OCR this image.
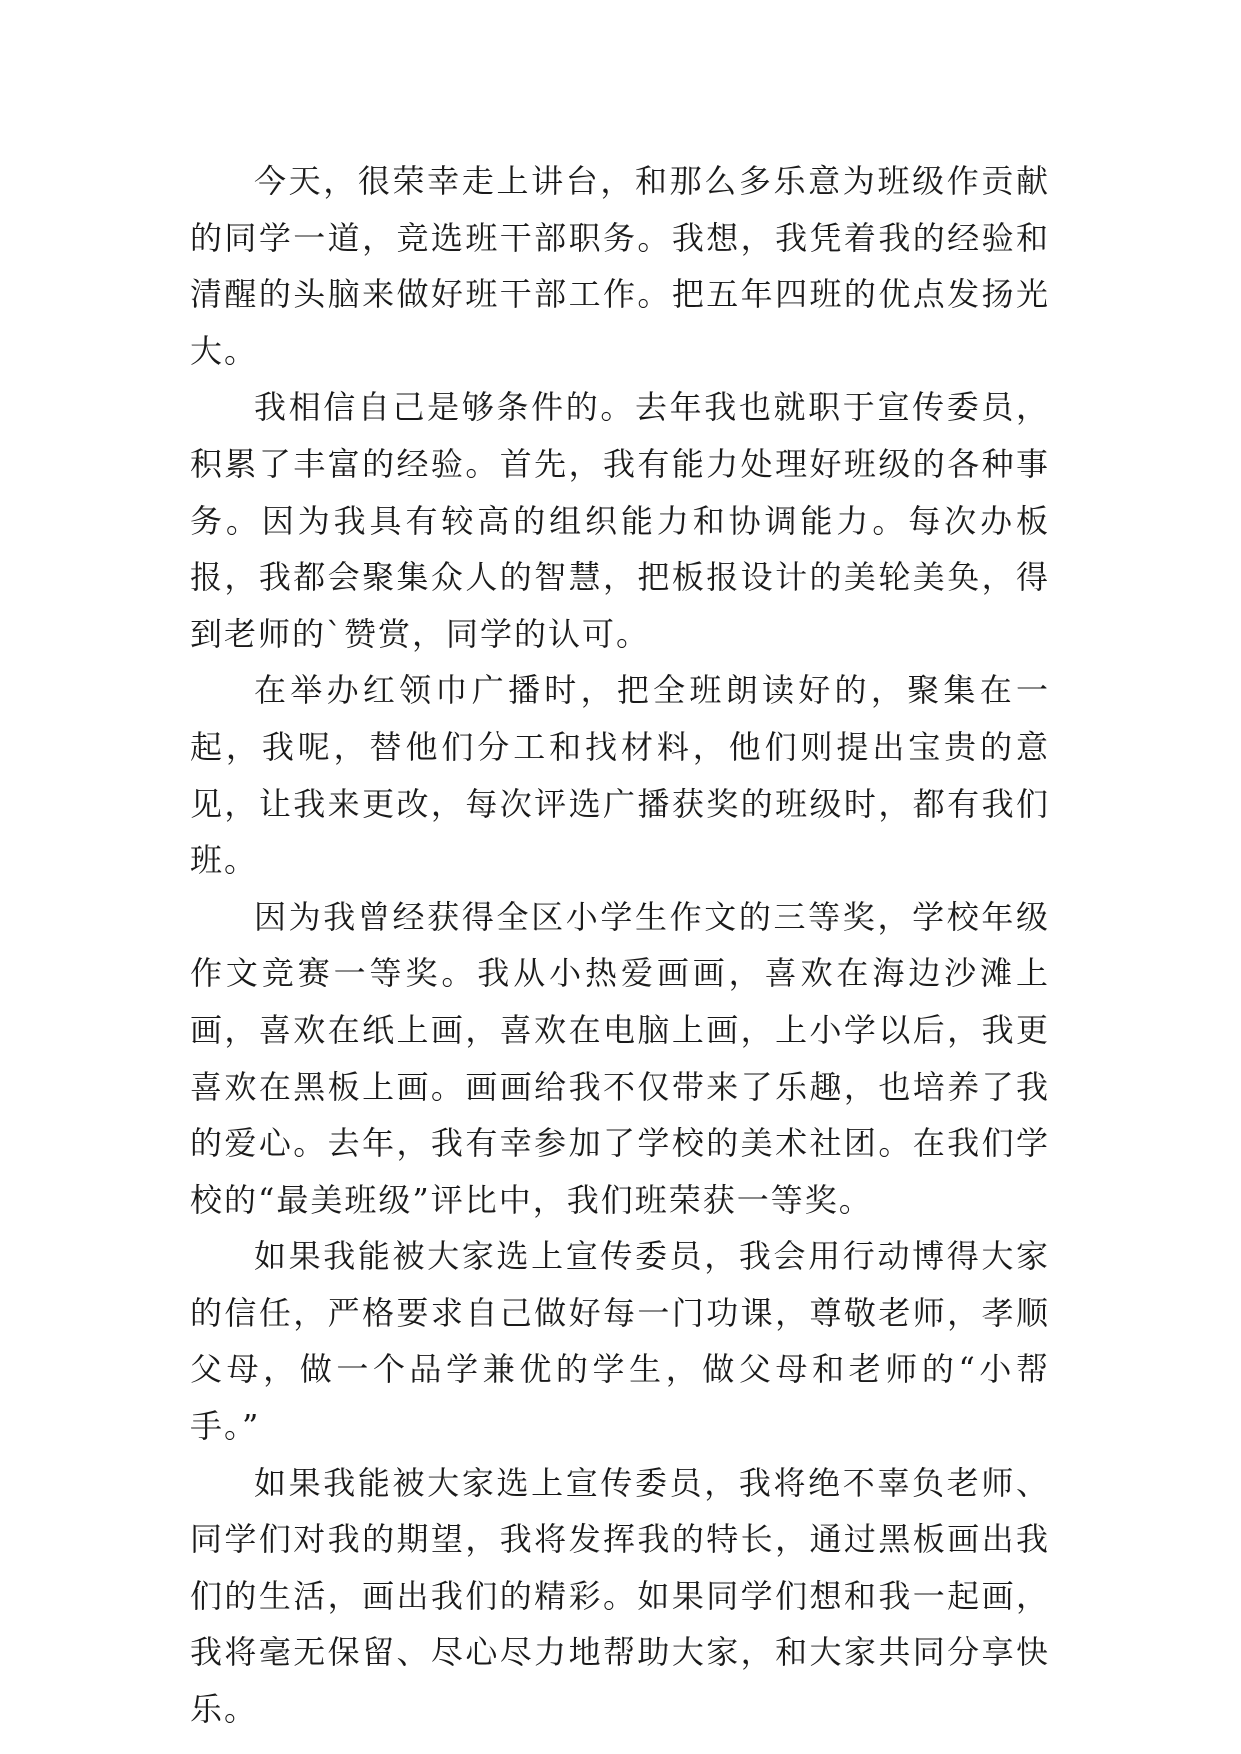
今天，很荣幸走上讲台，和那么多乐意为班级作贡献的同学一道，竞选班干部职务。我想，我凭着我的经验和清醒的头脑来做好班干部工作。把五年四班的优点发扬光大。

我相信自己是够条件的。去年我也就职于宣传委员，积累了丰富的经验。首先，我有能力处理好班级的各种事务。因为我具有较高的组织能力和协调能力。每次办板报，我都会聚集众人的智慧，把板报设计的美轮美奂，得到老师的`赞赏，同学的认可。

在举办红领巾广播时，把全班朗读好的，聚集在一起，我呢，替他们分工和找材料，他们则提出宝贵的意见，让我来更改，每次评选广播获奖的班级时，都有我们班。

因为我曾经获得全区小学生作文的三等奖，学校年级作文竞赛一等奖。我从小热爱画画，喜欢在海边沙滩上画，喜欢在纸上画，喜欢在电脑上画，上小学以后，我更喜欢在黑板上画。画画给我不仅带来了乐趣，也培养了我的爱心。去年，我有幸参加了学校的美术社团。在我们学校的“最美班级”评比中，我们班荣获一等奖。

如果我能被大家选上宣传委员，我会用行动博得大家的信任，严格要求自己做好每一门功课，尊敬老师，孝顺父母，做一个品学兼优的学生，做父母和老师的“小帮手。”

如果我能被大家选上宣传委员，我将绝不辜负老师、同学们对我的期望，我将发挥我的特长，通过黑板画出我们的生活，画出我们的精彩。如果同学们想和我一起画，我将毫无保留、尽心尽力地帮助大家，和大家共同分享快乐。
